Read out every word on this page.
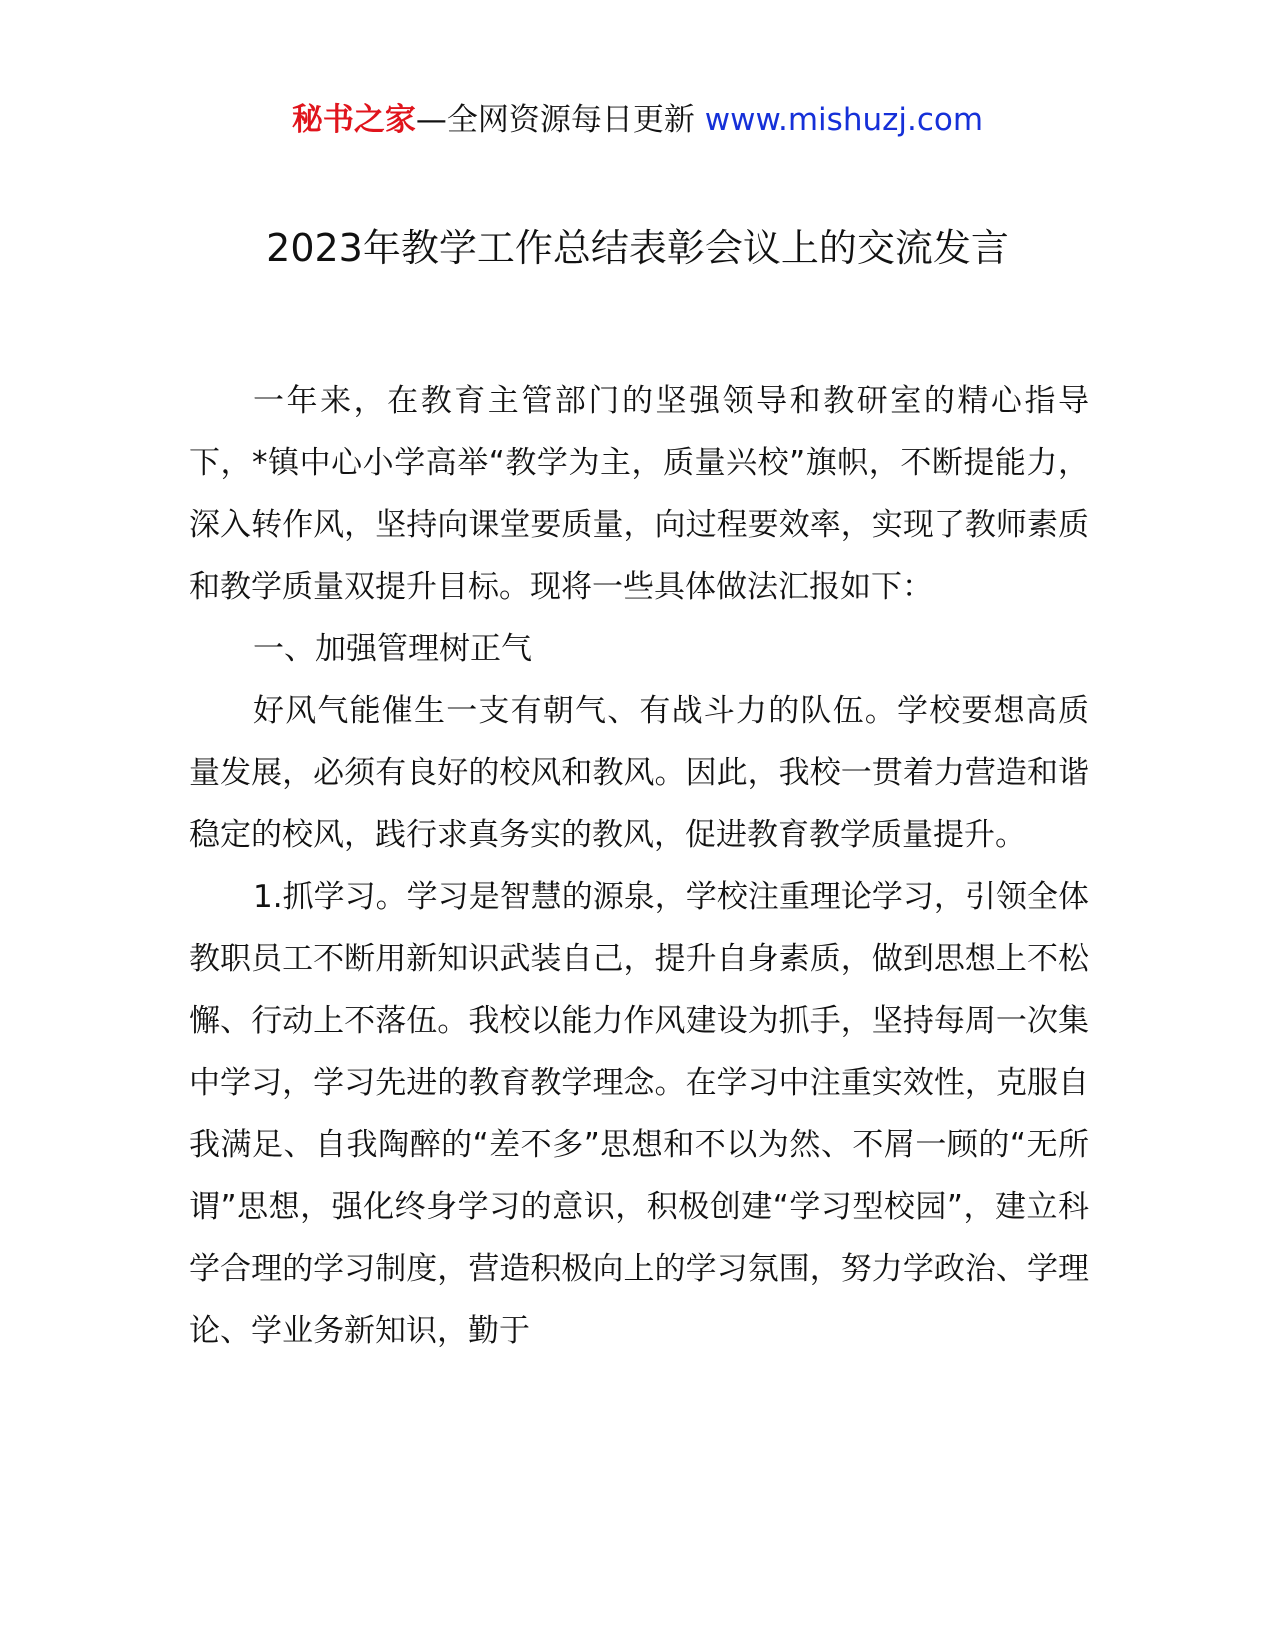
秘书之家—全网资源每日更新 www.mishuzj.com
2023年教学工作总结表彰会议上的交流发言

一年来，在教育主管部门的坚强领导和教研室的精心指导下，*镇中心小学高举“教学为主，质量兴校”旗帜，不断提能力，深入转作风，坚持向课堂要质量，向过程要效率，实现了教师素质和教学质量双提升目标。现将一些具体做法汇报如下：

一、加强管理树正气

好风气能催生一支有朝气、有战斗力的队伍。学校要想高质量发展，必须有良好的校风和教风。因此，我校一贯着力营造和谐稳定的校风，践行求真务实的教风，促进教育教学质量提升。

1.抓学习。学习是智慧的源泉，学校注重理论学习，引领全体教职员工不断用新知识武装自己，提升自身素质，做到思想上不松懈、行动上不落伍。我校以能力作风建设为抓手，坚持每周一次集中学习，学习先进的教育教学理念。在学习中注重实效性，克服自我满足、自我陶醉的“差不多”思想和不以为然、不屑一顾的“无所谓”思想，强化终身学习的意识，积极创建“学习型校园”，建立科学合理的学习制度，营造积极向上的学习氛围，努力学政治、学理论、学业务新知识，勤于
